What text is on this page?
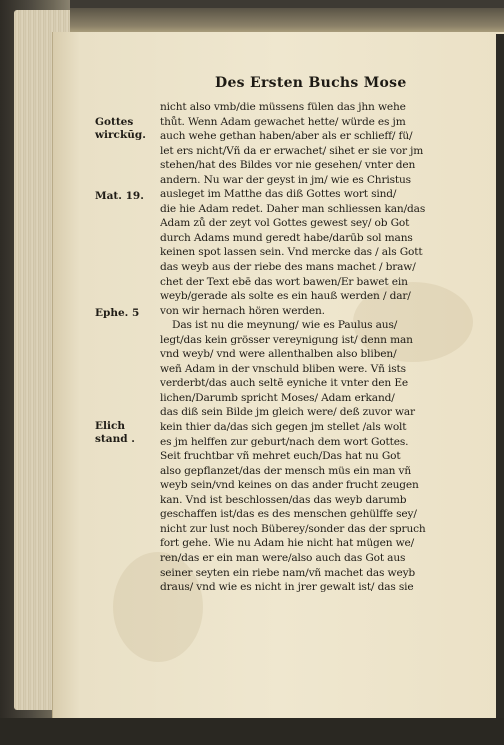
Des Ersten Buchs Mose
Gottes
wirckūg.
Mat. 19.
Ephe. 5
Elich
stand .
nicht also vmb/die müssens fülen das jhn wehe
thůt. Wenn Adam gewachet hette/ würde es jm
auch wehe gethan haben/aber als er schlieff/ fü/
let ers nicht/Vñ da er erwachet/ sihet er sie vor jm
stehen/hat des Bildes vor nie gesehen/ vnter den
andern. Nu war der geyst in jm/ wie es Christus
ausleget im Matthe das diß Gottes wort sind/
die hie Adam redet. Daher man schliessen kan/das
Adam zů der zeyt vol Gottes gewest sey/ ob Got
durch Adams mund geredt habe/darūb sol mans
keinen spot lassen sein. Vnd mercke das / als Gott
das weyb aus der riebe des mans machet / braw/
chet der Text ebē das wort bawen/Er bawet ein
weyb/gerade als solte es ein hauß werden / dar/
von wir hernach hören werden.
Das ist nu die meynung/ wie es Paulus aus/
legt/das kein grösser vereynigung ist/ denn man
vnd weyb/ vnd were allenthalben also bliben/
weñ Adam in der vnschuld bliben were. Vñ ists
verderbt/das auch seltē eyniche it vnter den Ee
lichen/Darumb spricht Moses/ Adam erkand/
das diß sein Bilde jm gleich were/ deß zuvor war
kein thier da/das sich gegen jm stellet /als wolt
es jm helffen zur geburt/nach dem wort Gottes.
Seit fruchtbar vñ mehret euch/Das hat nu Got
also gepflanzet/das der mensch müs ein man vñ
weyb sein/vnd keines on das ander frucht zeugen
kan. Vnd ist beschlossen/das das weyb darumb
geschaffen ist/das es des menschen gehülffe sey/
nicht zur lust noch Büberey/sonder das der spruch
fort gehe. Wie nu Adam hie nicht hat mügen we/
ren/das er ein man were/also auch das Got aus
seiner seyten ein riebe nam/vñ machet das weyb
draus/ vnd wie es nicht in jrer gewalt ist/ das sie
